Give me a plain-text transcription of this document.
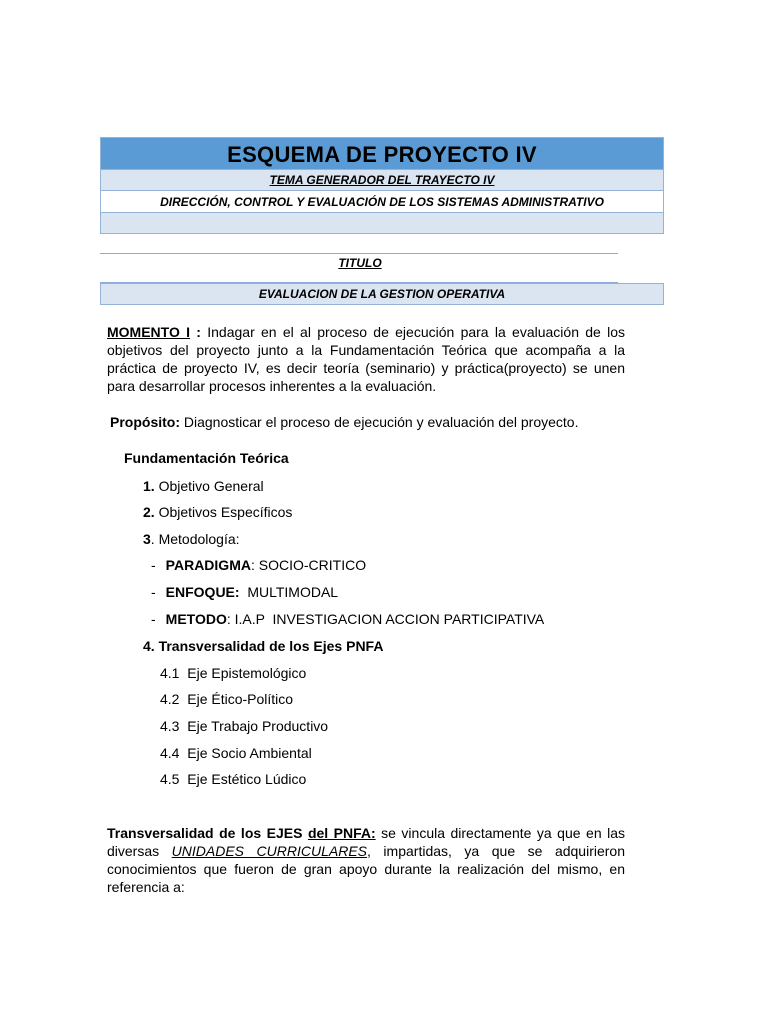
ESQUEMA DE PROYECTO IV
TEMA GENERADOR DEL TRAYECTO IV
DIRECCIÓN, CONTROL Y EVALUACIÓN DE LOS SISTEMAS ADMINISTRATIVO

TITULO
EVALUACION DE LA GESTION OPERATIVA
MOMENTO I : Indagar en el al proceso de ejecución para la evaluación de los objetivos del proyecto junto a la Fundamentación Teórica que acompaña a la práctica de proyecto IV, es decir teoría (seminario) y práctica(proyecto) se unen para desarrollar procesos inherentes a la evaluación.
Propósito: Diagnosticar el proceso de ejecución y evaluación del proyecto.
Fundamentación Teórica
1. Objetivo General
2. Objetivos Específicos
3. Metodología:
- PARADIGMA: SOCIO-CRITICO
- ENFOQUE:  MULTIMODAL
- METODO: I.A.P  INVESTIGACION ACCION PARTICIPATIVA
4. Transversalidad de los Ejes PNFA
4.1  Eje Epistemológico
4.2  Eje Ético-Político
4.3  Eje Trabajo Productivo
4.4  Eje Socio Ambiental
4.5  Eje Estético Lúdico
Transversalidad de los EJES del PNFA: se vincula directamente ya que en las diversas UNIDADES CURRICULARES, impartidas, ya que se adquirieron conocimientos que fueron de gran apoyo durante la realización del mismo, en referencia a:
